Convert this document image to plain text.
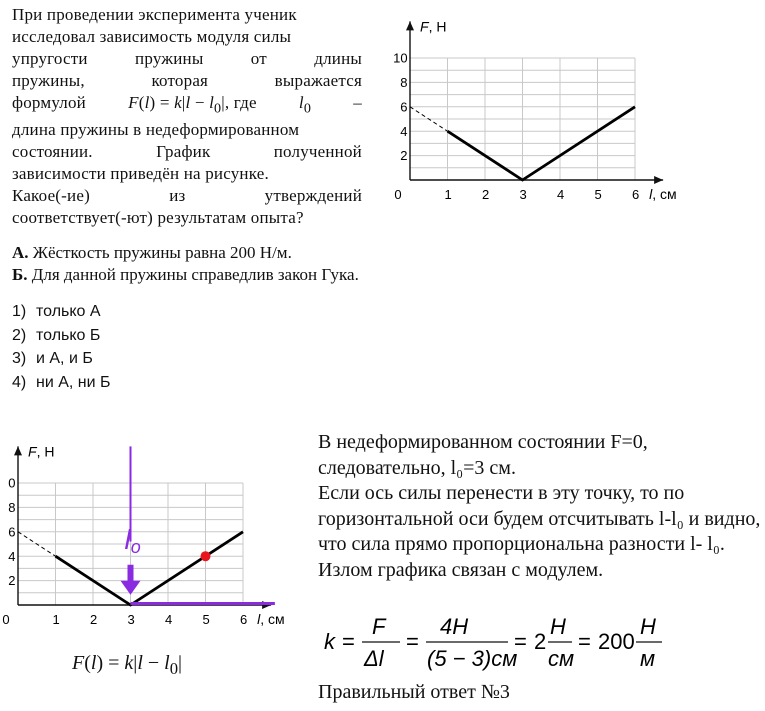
При проведении эксперимента ученик

исследовал зависимость модуля силы

упругости	пружины	от	длины

пружины,	которая	выражается

формулой $F(l) = k|l - l_0|$, где $l_0$ –

длина пружины в недеформированном

состоянии.	График	полученной

зависимости приведён на рисунке.

Какое(-ие)	из	утверждений

соответствует(-ют) результатам опыта?

А. Жёсткость пружины равна 200 Н/м.
Б. Для данной пружины справедлив закон Гука.
1) только А
2) только Б
3) и А, и Б
4) ни А, ни Б
F, Н
l, см
0	1 2 3 4 5 6
2
4
6
8
10
F, Н
l, см
0	1 2 3 4 5 6
2
4
6
8
0
lo
$F(l) = k|l - l_0|$

В недеформированном состоянии F=0,

следовательно, l₀=3 см.

Если ось силы перенести в эту точку, то по горизонтальной оси будем отсчитывать l-l₀ и видно, что сила прямо пропорциональна разности l- l₀. Излом графика связан с модулем.

k =
F
Δl
=
4H
(5 − 3)см
= 2
H
см
= 200
H
м
Правильный ответ №3
